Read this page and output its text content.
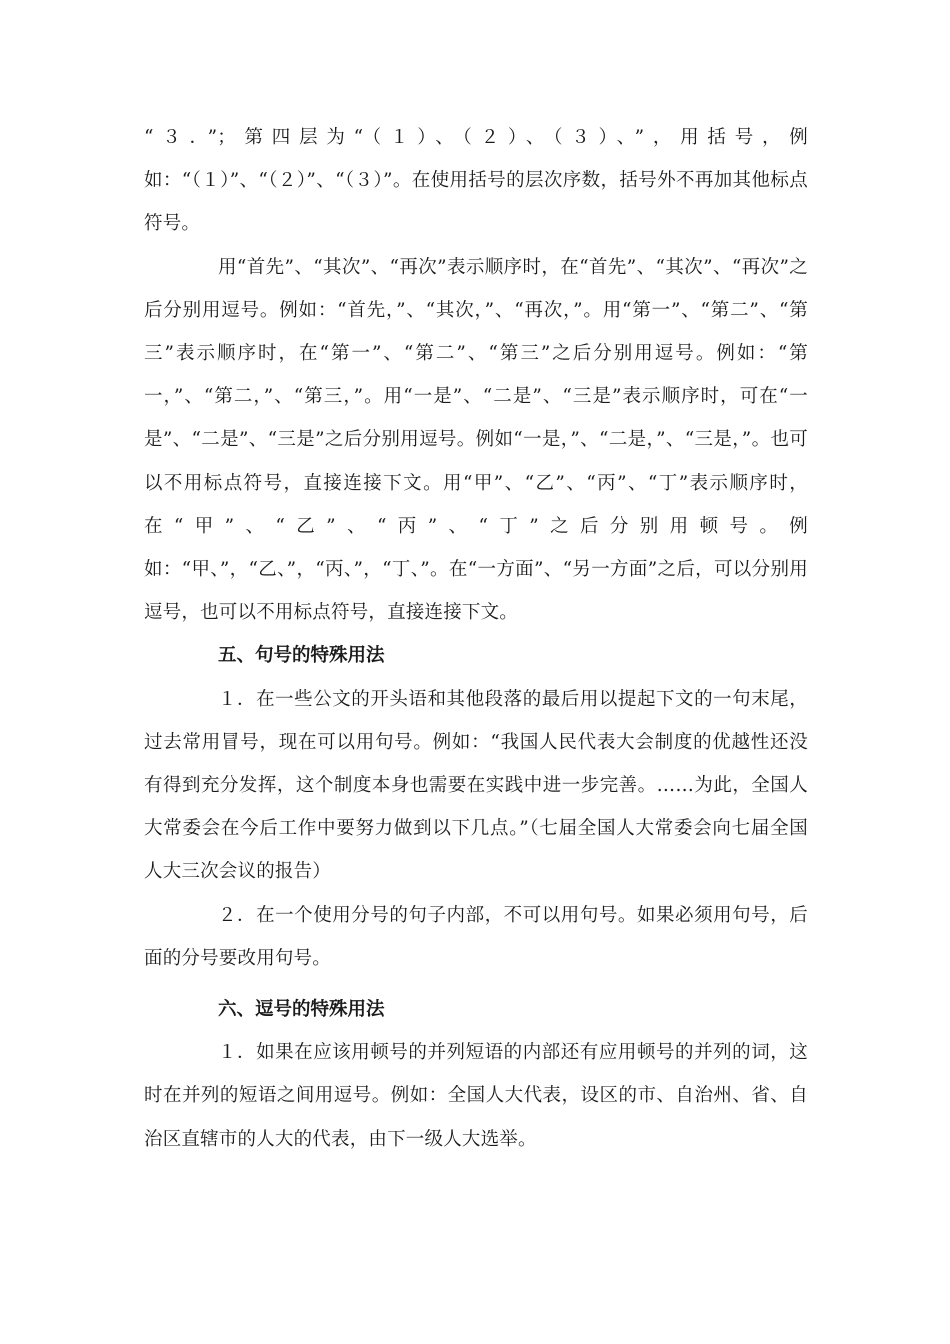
“３．”；第四层为“（１）、（２）、（３）、”，用括号，例如：“（１）”、“（２）”、“（３）”。在使用括号的层次序数，括号外不再加其他标点符号。

用“首先”、“其次”、“再次”表示顺序时，在“首先”、“其次”、“再次”之后分别用逗号。例如：“首先，”、“其次，”、“再次，”。用“第一”、“第二”、“第三”表示顺序时，在“第一”、“第二”、“第三”之后分别用逗号。例如：“第一，”、“第二，”、“第三，”。用“一是”、“二是”、“三是”表示顺序时，可在“一是”、“二是”、“三是”之后分别用逗号。例如“一是，”、“二是，”、“三是，”。也可以不用标点符号，直接连接下文。用“甲”、“乙”、“丙”、“丁”表示顺序时，在“甲”、“乙”、“丙”、“丁”之后分别用顿号。例如：“甲、”，“乙、”，“丙、”，“丁、”。在“一方面”、“另一方面”之后，可以分别用逗号，也可以不用标点符号，直接连接下文。

五、句号的特殊用法

１．在一些公文的开头语和其他段落的最后用以提起下文的一句末尾，过去常用冒号，现在可以用句号。例如：“我国人民代表大会制度的优越性还没有得到充分发挥，这个制度本身也需要在实践中进一步完善。……为此，全国人大常委会在今后工作中要努力做到以下几点。”（七届全国人大常委会向七届全国人大三次会议的报告）

２．在一个使用分号的句子内部，不可以用句号。如果必须用句号，后面的分号要改用句号。

六、逗号的特殊用法

１．如果在应该用顿号的并列短语的内部还有应用顿号的并列的词，这时在并列的短语之间用逗号。例如：全国人大代表，设区的市、自治州、省、自治区直辖市的人大的代表，由下一级人大选举。
